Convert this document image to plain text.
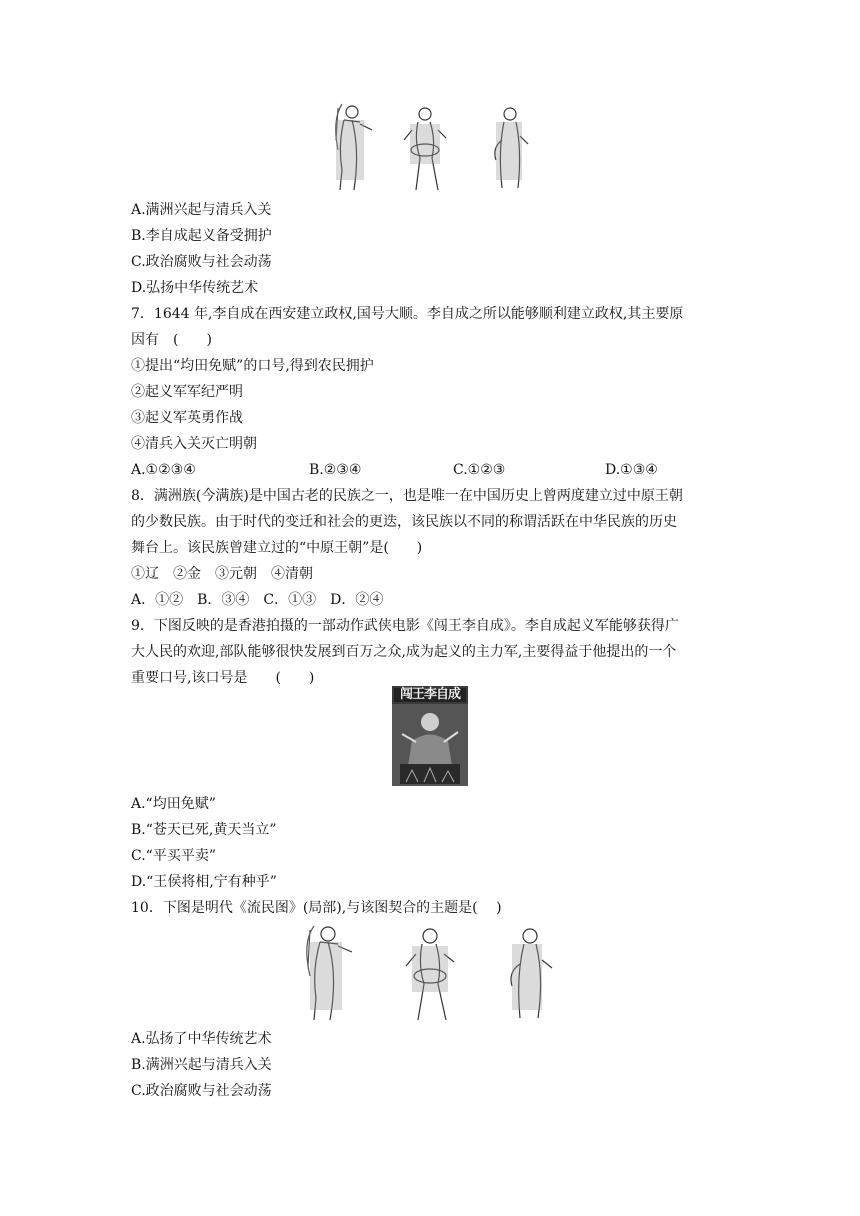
A.满洲兴起与清兵入关
B.李自成起义备受拥护
C.政治腐败与社会动荡
D.弘扬中华传统艺术
7．1644 年,李自成在西安建立政权,国号大顺。李自成之所以能够顺利建立政权,其主要原
因有　(　　)
①提出“均田免赋”的口号,得到农民拥护
②起义军军纪严明
③起义军英勇作战
④清兵入关灭亡明朝
A.①②③④	B.②③④	C.①②③	D.①③④
8．满洲族(今满族)是中国古老的民族之一，也是唯一在中国历史上曾两度建立过中原王朝
的少数民族。由于时代的变迁和社会的更迭，该民族以不同的称谓活跃在中华民族的历史
舞台上。该民族曾建立过的“中原王朝”是(　　)
①辽　②金　③元朝　④清朝
A．①②　B．③④　C．①③　D．②④
9．下图反映的是香港拍摄的一部动作武侠电影《闯王李自成》。李自成起义军能够获得广
大人民的欢迎,部队能够很快发展到百万之众,成为起义的主力军,主要得益于他提出的一个
重要口号,该口号是　　(　　)
闯王李自成
A.“均田免赋”
B.“苍天已死,黄天当立”
C.“平买平卖”
D.“王侯将相,宁有种乎”
10．下图是明代《流民图》(局部),与该图契合的主题是(　 )
A.弘扬了中华传统艺术
B.满洲兴起与清兵入关
C.政治腐败与社会动荡
